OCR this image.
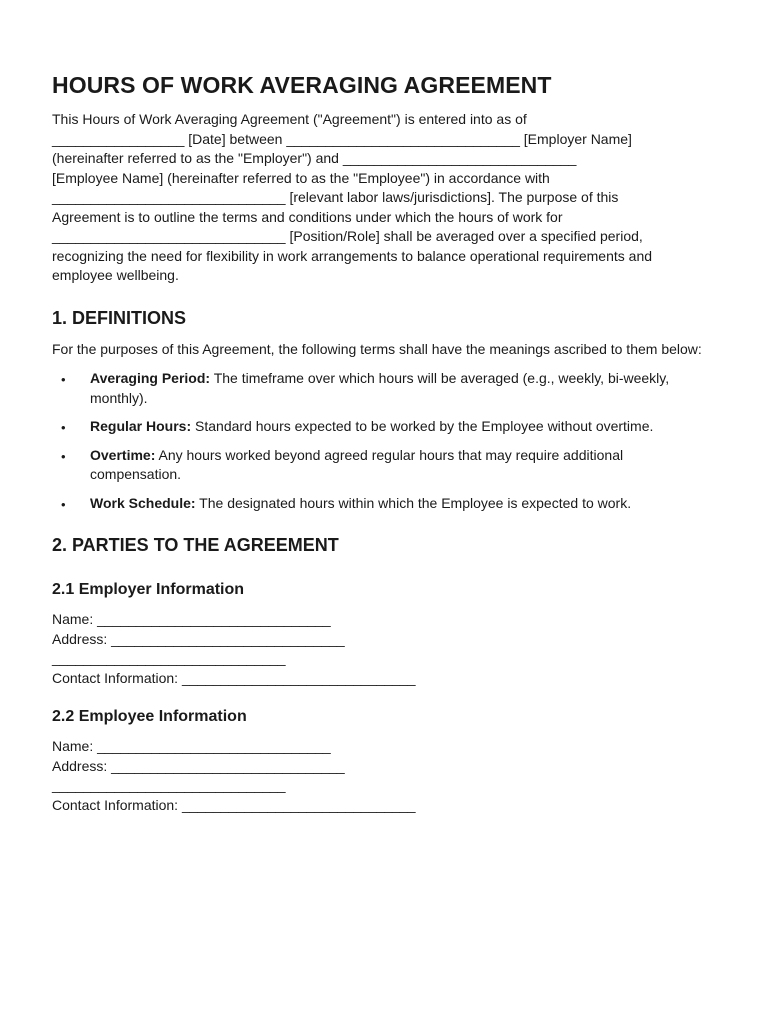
HOURS OF WORK AVERAGING AGREEMENT
This Hours of Work Averaging Agreement ("Agreement") is entered into as of
_________________ [Date] between ______________________________ [Employer Name]
(hereinafter referred to as the "Employer") and ______________________________
[Employee Name] (hereinafter referred to as the "Employee") in accordance with
______________________________ [relevant labor laws/jurisdictions]. The purpose of this
Agreement is to outline the terms and conditions under which the hours of work for
______________________________ [Position/Role] shall be averaged over a specified period,
recognizing the need for flexibility in work arrangements to balance operational requirements and
employee wellbeing.
1. DEFINITIONS

For the purposes of this Agreement, the following terms shall have the meanings ascribed to them below:

• Averaging Period: The timeframe over which hours will be averaged (e.g., weekly, bi-weekly, monthly).
• Regular Hours: Standard hours expected to be worked by the Employee without overtime.
• Overtime: Any hours worked beyond agreed regular hours that may require additional compensation.
• Work Schedule: The designated hours within which the Employee is expected to work.
2. PARTIES TO THE AGREEMENT
2.1 Employer Information
Name: ______________________________
Address: ______________________________
______________________________
Contact Information: ______________________________
2.2 Employee Information
Name: ______________________________
Address: ______________________________
______________________________
Contact Information: ______________________________
